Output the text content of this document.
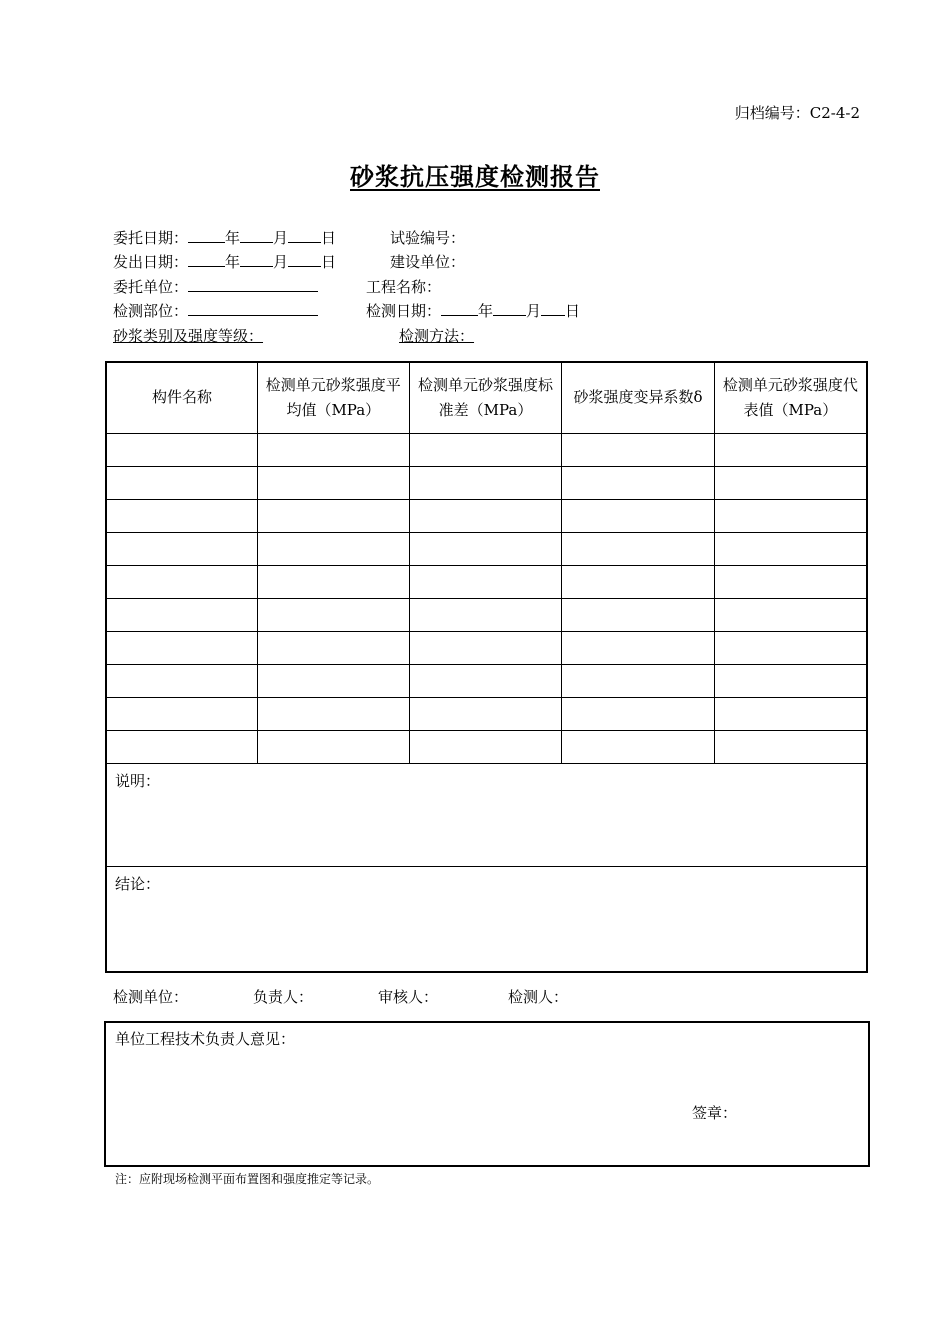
归档编号：C2-4-2
砂浆抗压强度检测报告
委托日期： 年 月 日	试验编号：
发出日期： 年 月 日	建设单位：
委托单位：	工程名称：
检测部位：	检测日期： 年 月 日
砂浆类别及强度等级：	检测方法：
构件名称	检测单元砂浆强度平均值（MPa）	检测单元砂浆强度标准差（MPa）	砂浆强度变异系数δ	检测单元砂浆强度代表值（MPa）

说明：				
结论：				
检测单位：	负责人：	审核人：	检测人：
单位工程技术负责人意见：
签章：
注：应附现场检测平面布置图和强度推定等记录。
